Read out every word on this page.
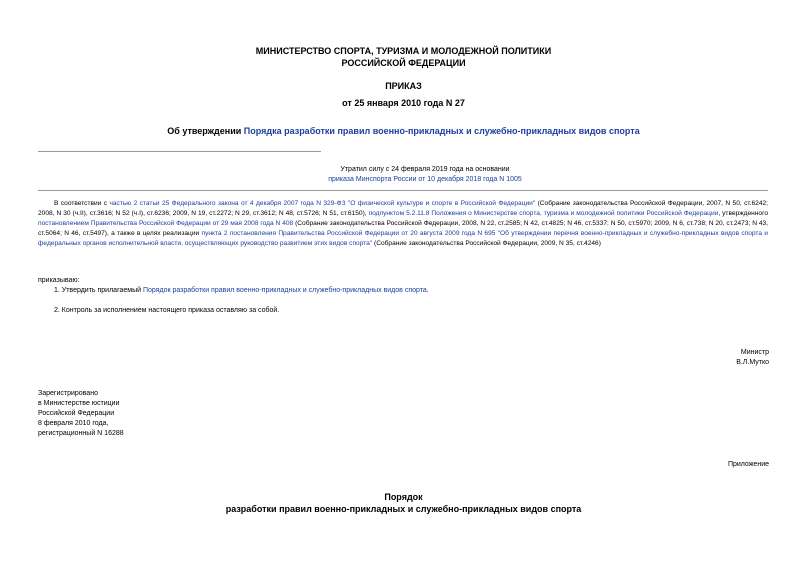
МИНИСТЕРСТВО СПОРТА, ТУРИЗМА И МОЛОДЕЖНОЙ ПОЛИТИКИ
РОССИЙСКОЙ ФЕДЕРАЦИИ
ПРИКАЗ
от 25 января 2010 года N 27
Об утверждении Порядка разработки правил военно-прикладных и служебно-прикладных видов спорта
Утратил силу с 24 февраля 2019 года на основании
приказа Минспорта России от 10 декабря 2018 года N 1005
В соответствии с частью 2 статьи 25 Федерального закона от 4 декабря 2007 года N 329-ФЗ "О физической культуре и спорте в Российской Федерации" (Собрание законодательства Российской Федерации, 2007, N 50, ст.6242; 2008, N 30 (ч.II), ст.3616; N 52 (ч.I), ст.6236; 2009, N 19, ст.2272; N 29, ст.3612; N 48, ст.5726; N 51, ст.6150), подпунктом 5.2.11.8 Положения о Министерстве спорта, туризма и молодежной политики Российской Федерации, утвержденного постановлением Правительства Российской Федерации от 29 мая 2008 года N 408 (Собрание законодательства Российской Федерации, 2008, N 22, ст.2585; N 42, ст.4825; N 46, ст.5337; N 50, ст.5970; 2009, N 6, ст.738; N 20, ст.2473; N 43, ст.5064; N 46, ст.5497), а также в целях реализации пункта 2 постановления Правительства Российской Федерации от 20 августа 2009 года N 695 "Об утверждении перечня военно-прикладных и служебно-прикладных видов спорта и федеральных органов исполнительной власти, осуществляющих руководство развитием этих видов спорта" (Собрание законодательства Российской Федерации, 2009, N 35, ст.4246)
приказываю:
1. Утвердить прилагаемый Порядок разработки правил военно-прикладных и служебно-прикладных видов спорта.
2. Контроль за исполнением настоящего приказа оставляю за собой.
Министр
В.Л.Мутко
Зарегистрировано
в Министерстве юстиции
Российской Федерации
8 февраля 2010 года,
регистрационный N 16288
Приложение
Порядок
разработки правил военно-прикладных и служебно-прикладных видов спорта
